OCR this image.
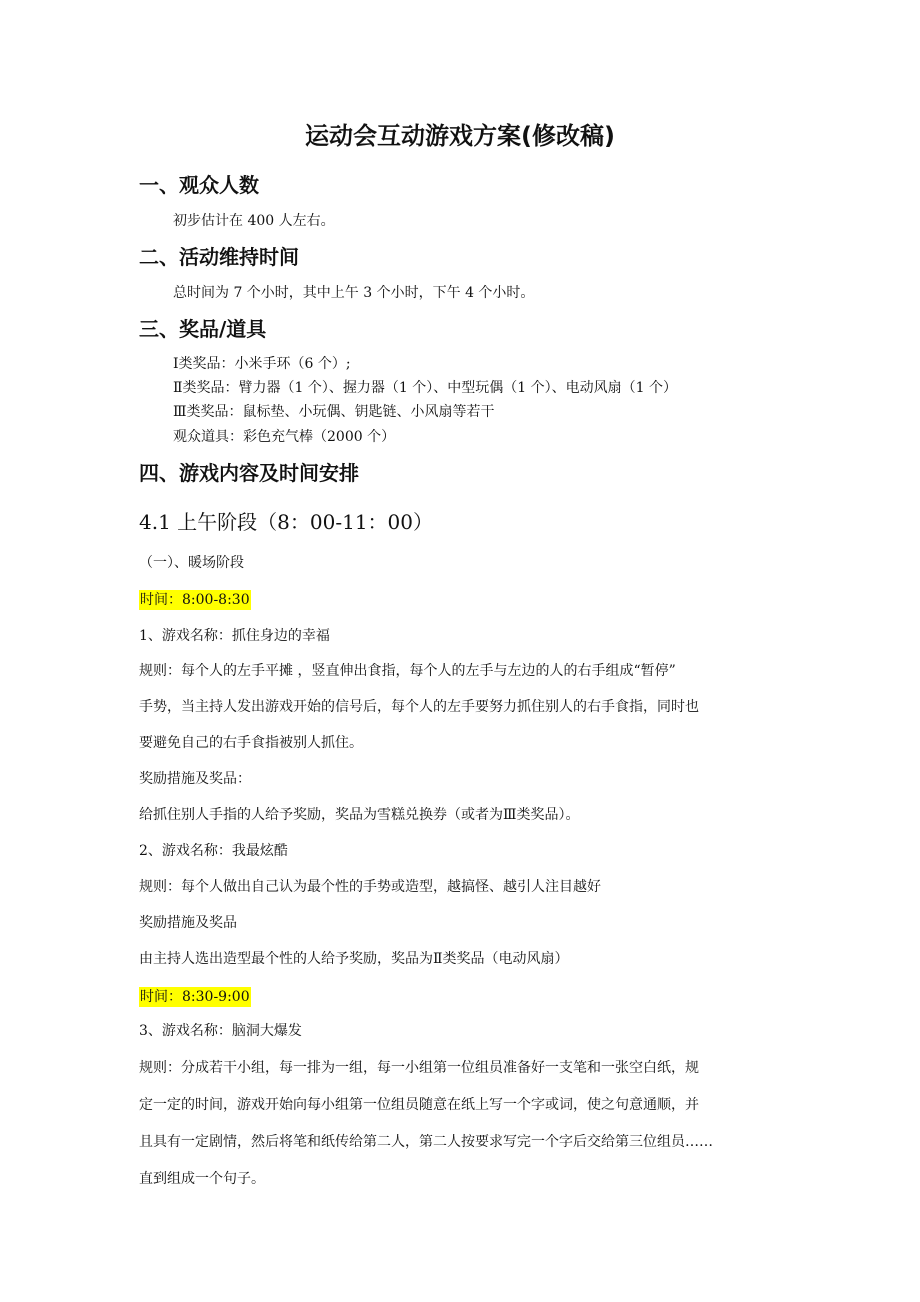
运动会互动游戏方案(修改稿)
一、观众人数
初步估计在 400 人左右。
二、活动维持时间
总时间为 7 个小时，其中上午 3 个小时，下午 4 个小时。
三、奖品/道具
Ⅰ类奖品：小米手环（6 个）;
Ⅱ类奖品：臂力器（1 个）、握力器（1 个）、中型玩偶（1 个）、电动风扇（1 个）
Ⅲ类奖品：鼠标垫、小玩偶、钥匙链、小风扇等若干
观众道具：彩色充气棒（2000 个）
四、游戏内容及时间安排
4.1 上午阶段（8：00-11：00）
（一）、暖场阶段
时间：8:00-8:30
1、游戏名称：抓住身边的幸福
规则：每个人的左手平摊 ，竖直伸出食指，每个人的左手与左边的人的右手组成“暂停”
手势，当主持人发出游戏开始的信号后，每个人的左手要努力抓住别人的右手食指，同时也
要避免自己的右手食指被别人抓住。
奖励措施及奖品：
给抓住别人手指的人给予奖励，奖品为雪糕兑换券（或者为Ⅲ类奖品）。
2、游戏名称：我最炫酷
规则：每个人做出自己认为最个性的手势或造型，越搞怪、越引人注目越好
奖励措施及奖品
由主持人选出造型最个性的人给予奖励，奖品为Ⅱ类奖品（电动风扇）
时间：8:30-9:00
3、游戏名称：脑洞大爆发
规则：分成若干小组，每一排为一组，每一小组第一位组员准备好一支笔和一张空白纸，规
定一定的时间，游戏开始向每小组第一位组员随意在纸上写一个字或词，使之句意通顺，并
且具有一定剧情，然后将笔和纸传给第二人，第二人按要求写完一个字后交给第三位组员……
直到组成一个句子。
